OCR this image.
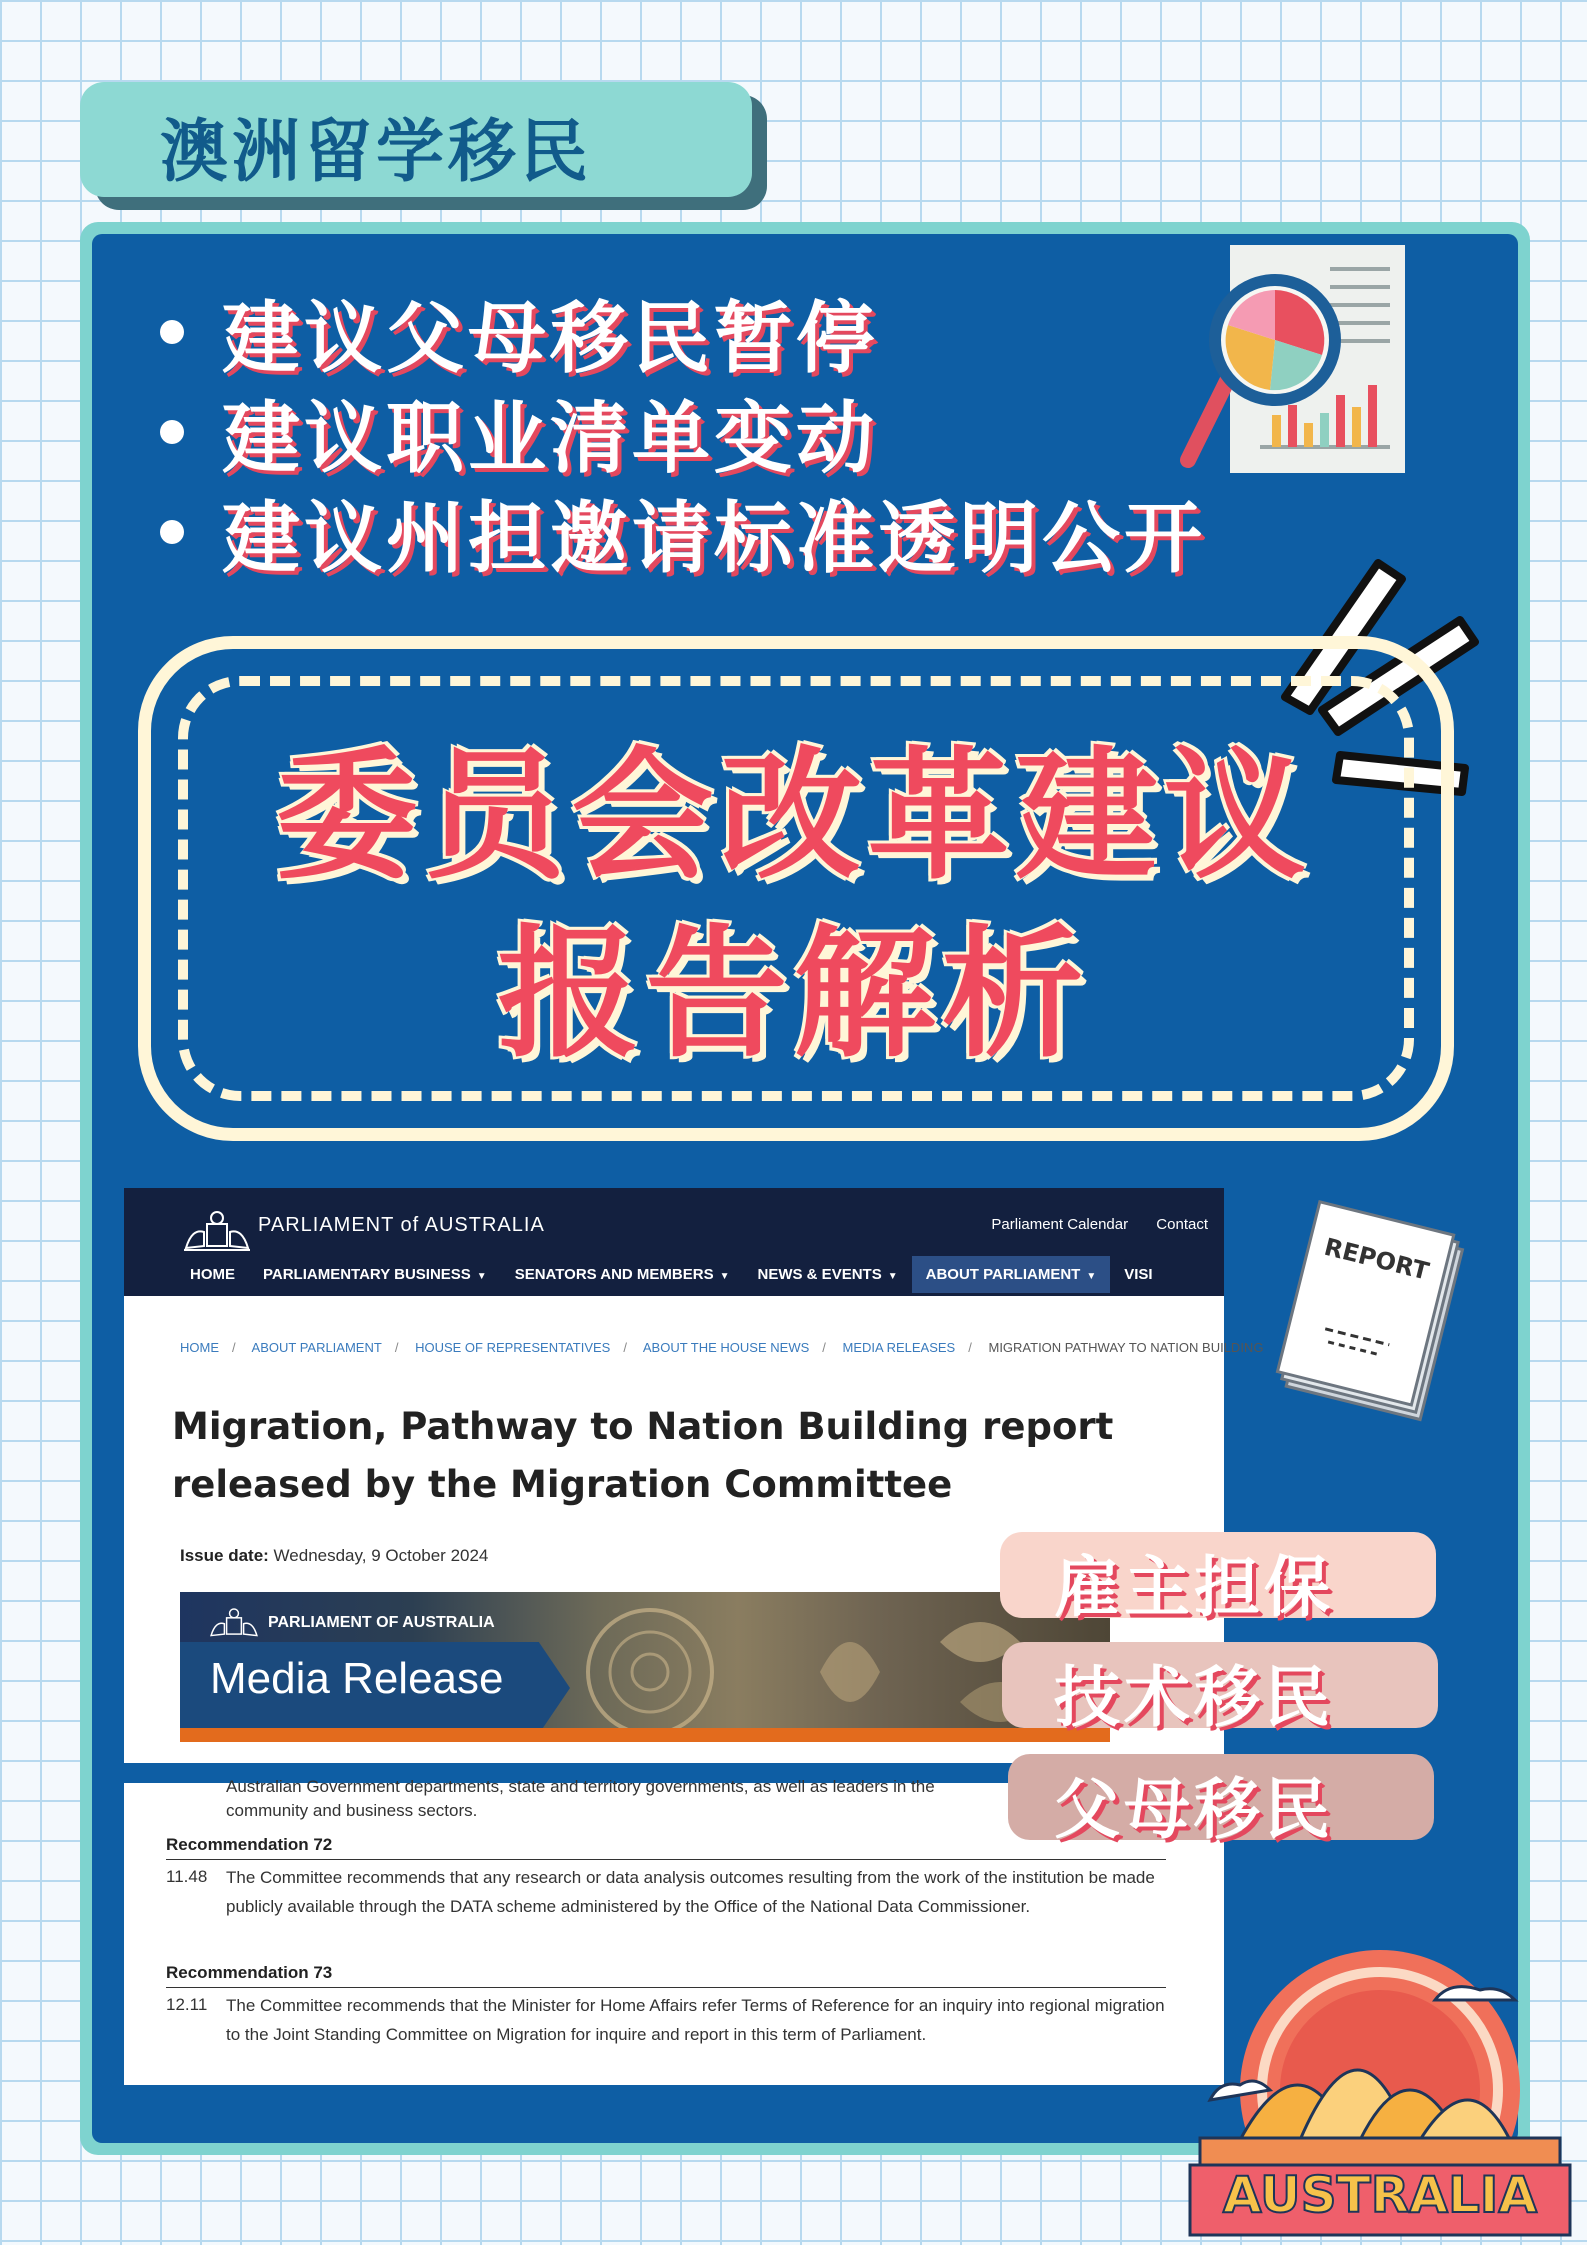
澳洲留学移民
建议父母移民暂停
建议职业清单变动
建议州担邀请标准透明公开
委员会改革建议
报告解析
PARLIAMENT of AUSTRALIA	Parliament Calendar Contact
HOME	PARLIAMENTARY BUSINESS ▼	SENATORS AND MEMBERS ▼	NEWS & EVENTS ▼	ABOUT PARLIAMENT ▼	VISI
HOME / ABOUT PARLIAMENT / HOUSE OF REPRESENTATIVES / ABOUT THE HOUSE NEWS / MEDIA RELEASES / MIGRATION PATHWAY TO NATION BUILDING
Migration, Pathway to Nation Building report released by the Migration Committee
Issue date: Wednesday, 9 October 2024
PARLIAMENT OF AUSTRALIA
Media Release
Australian Government departments, state and territory governments, as well as leaders in the
community and business sectors.
Recommendation 72
11.48 The Committee recommends that any research or data analysis outcomes resulting from the work of the institution be made publicly available through the DATA scheme administered by the Office of the National Data Commissioner.
Recommendation 73
12.11 The Committee recommends that the Minister for Home Affairs refer Terms of Reference for an inquiry into regional migration to the Joint Standing Committee on Migration for inquire and report in this term of Parliament.
雇主担保
技术移民
父母移民
REPORT
AUSTRALIA
